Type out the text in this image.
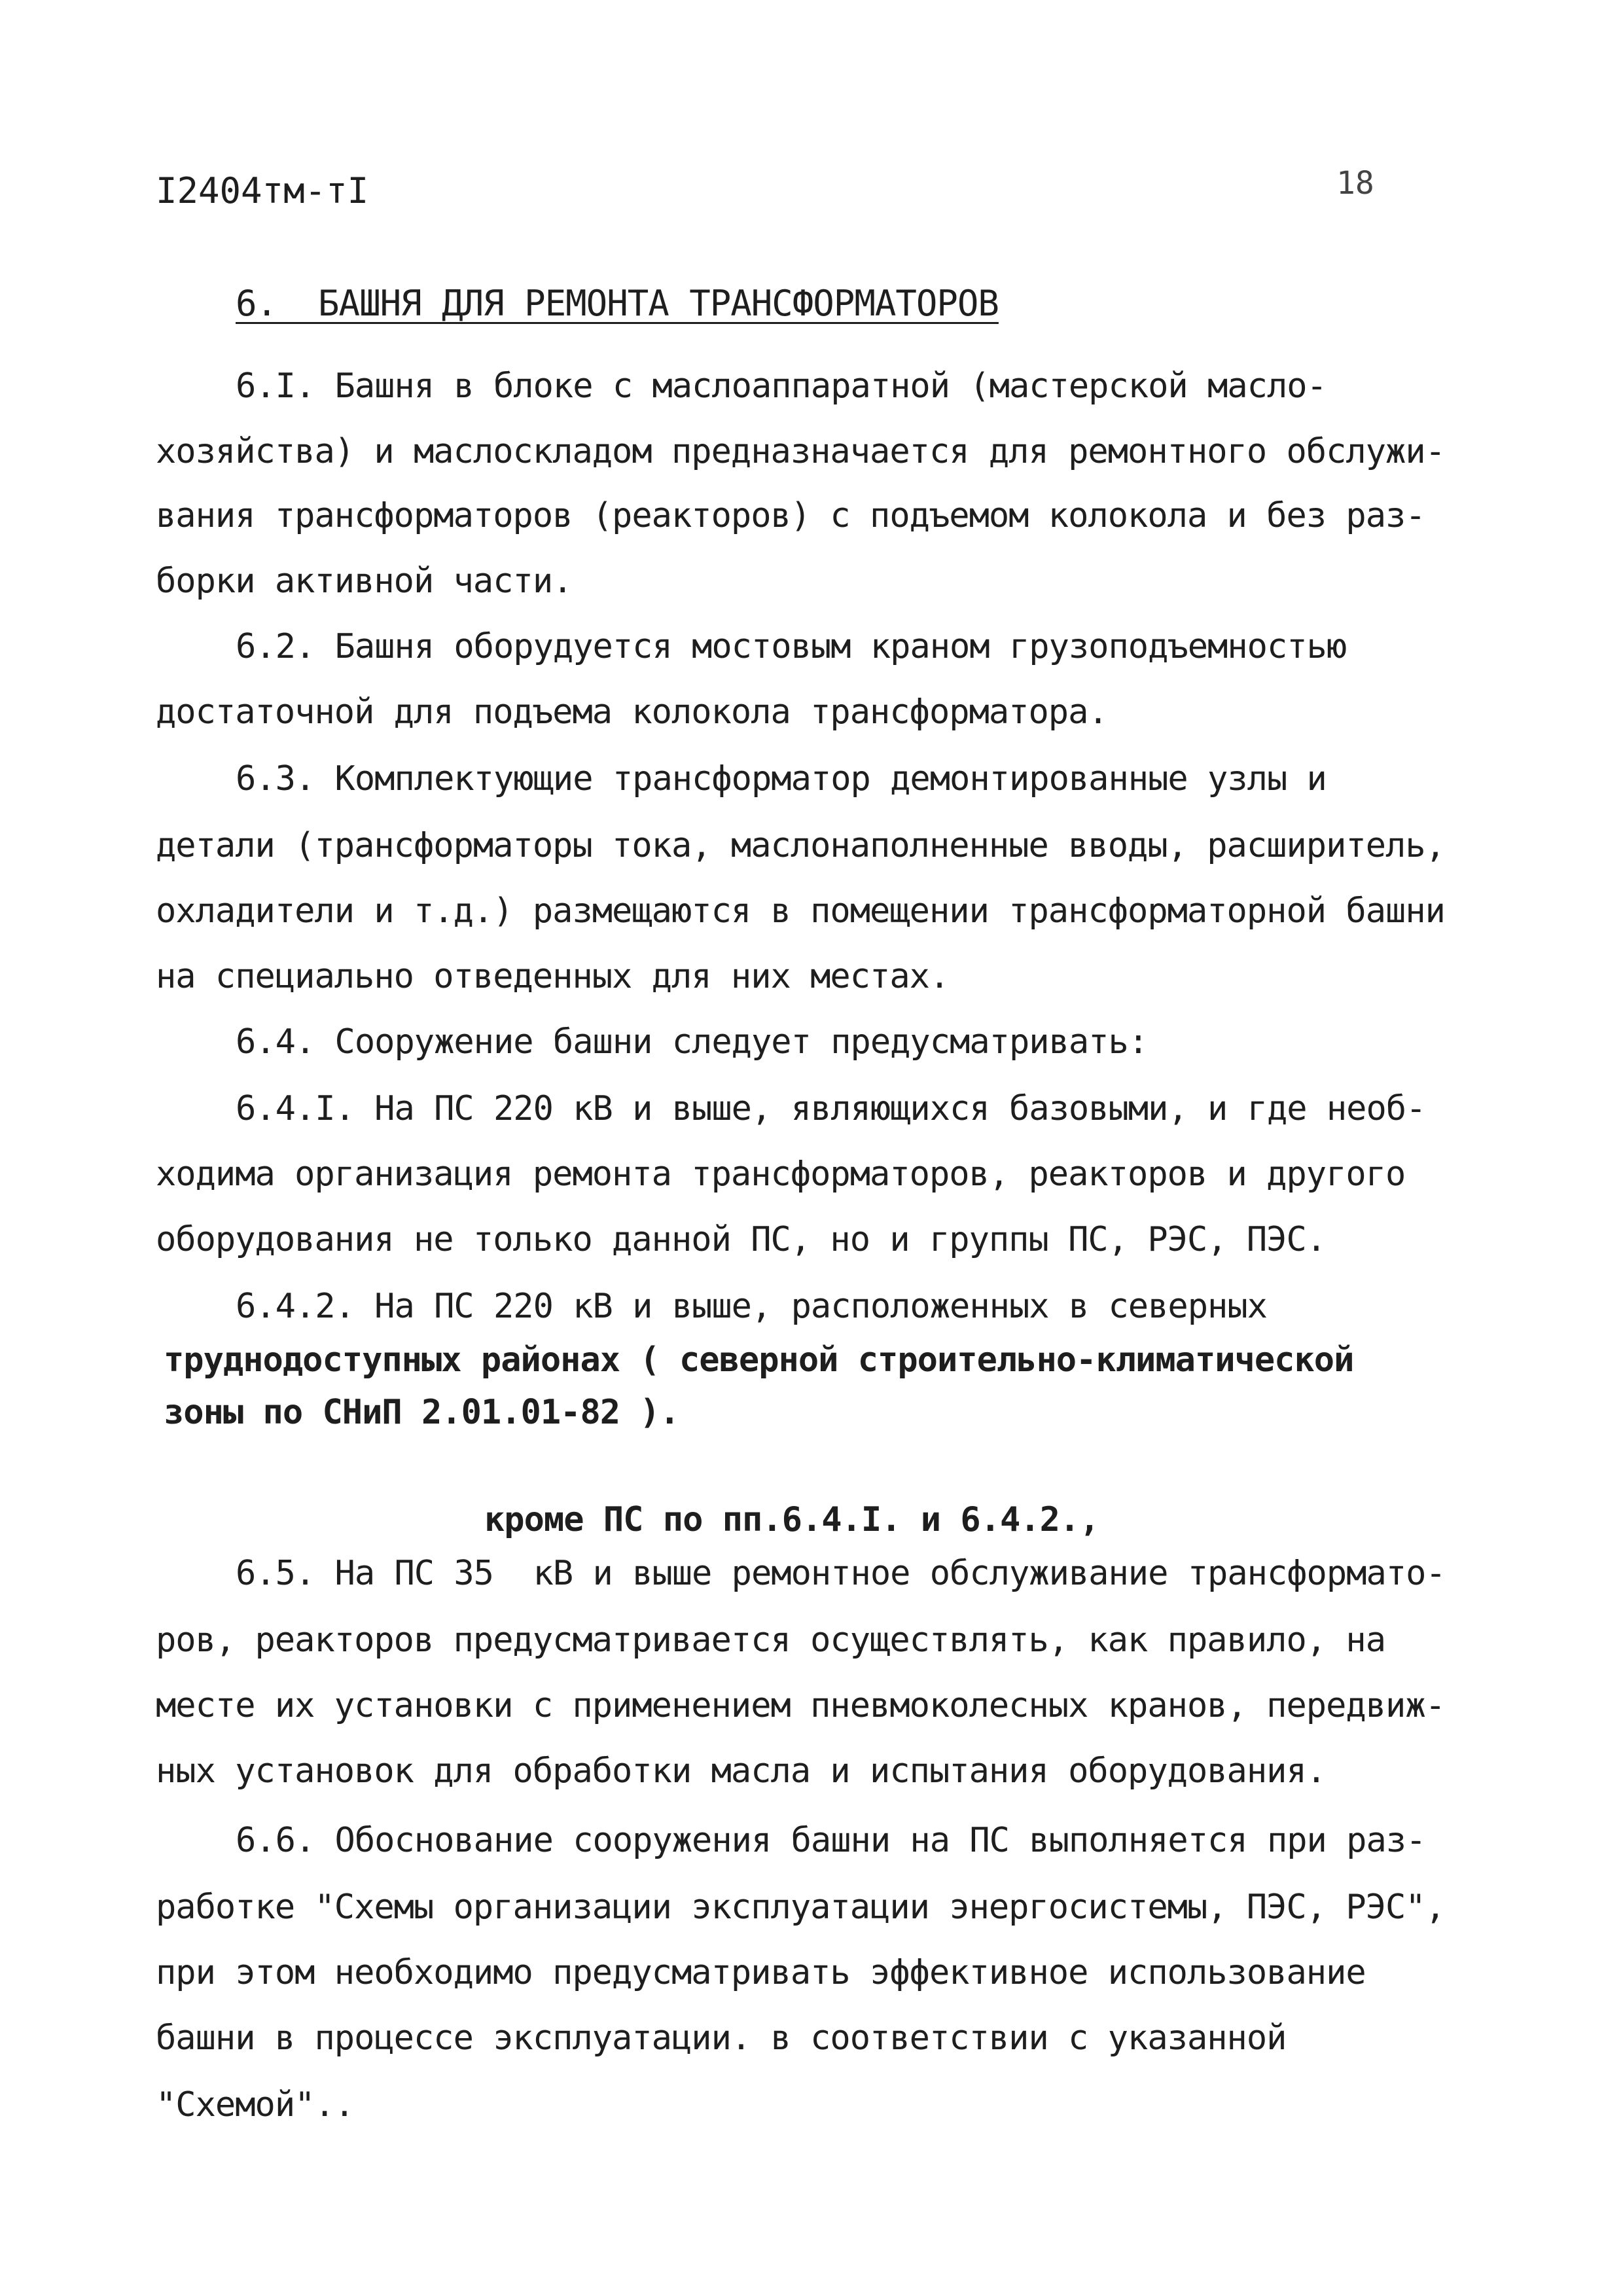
I2404тм-тI	18
6.  БАШНЯ ДЛЯ РЕМОНТА ТРАНСФОРМАТОРОВ
6.I. Башня в блоке с маслоаппаратной (мастерской масло-
хозяйства) и маслоскладом предназначается для ремонтного обслужи-
вания трансформаторов (реакторов) с подъемом колокола и без раз-
борки активной части.
6.2. Башня оборудуется мостовым краном грузоподъемностью
достаточной для подъема колокола трансформатора.
6.3. Комплектующие трансформатор демонтированные узлы и
детали (трансформаторы тока, маслонаполненные вводы, расширитель,
охладители и т.д.) размещаются в помещении трансформаторной башни
на специально отведенных для них местах.
6.4. Сооружение башни следует предусматривать:
6.4.I. На ПС 220 кВ и выше, являющихся базовыми, и где необ-
ходима организация ремонта трансформаторов, реакторов и другого
оборудования не только данной ПС, но и группы ПС, РЭС, ПЭС.
6.4.2. На ПС 220 кВ и выше, расположенных в северных
труднодоступных районах ( северной строительно-климатической
зоны по СНиП 2.01.01-82 ).
кроме ПС по пп.6.4.I. и 6.4.2.,
6.5. На ПС 35  кВ и выше ремонтное обслуживание трансформато-
ров, реакторов предусматривается осуществлять, как правило, на
месте их установки с применением пневмоколесных кранов, передвиж-
ных установок для обработки масла и испытания оборудования.
6.6. Обоснование сооружения башни на ПС выполняется при раз-
работке "Схемы организации эксплуатации энергосистемы, ПЭС, РЭС",
при этом необходимо предусматривать эффективное использование
башни в процессе эксплуатации. в соответствии с указанной
"Схемой"..
